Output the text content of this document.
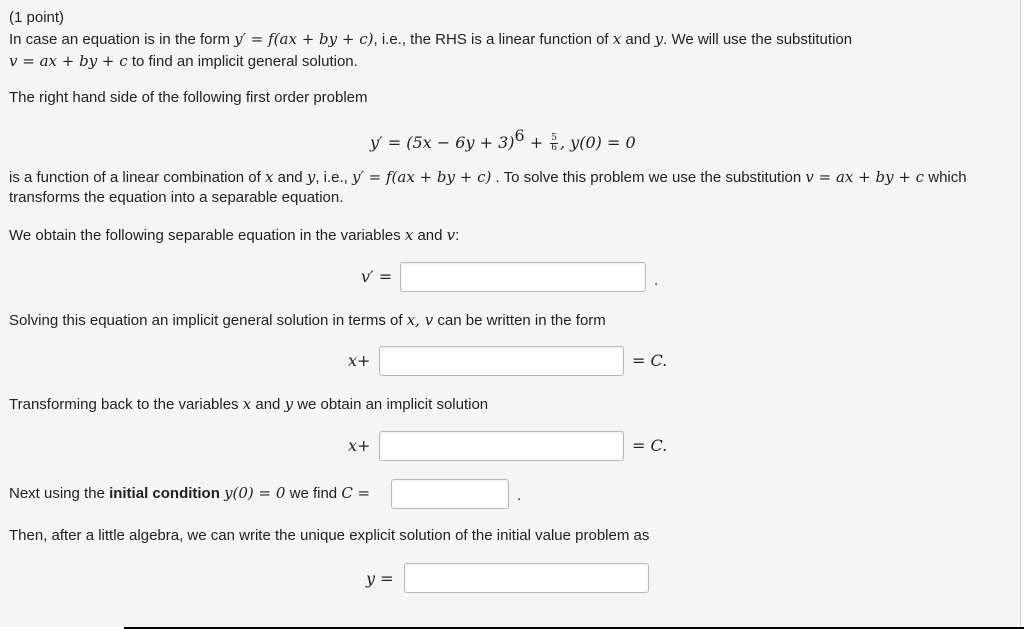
(1 point)
In case an equation is in the form y′ = f(ax + by + c), i.e., the RHS is a linear function of x and y. We will use the substitution
v = ax + by + c to find an implicit general solution.
The right hand side of the following first order problem
$y' = (5x - 6y + 3)6 + \frac{5}{6}$ , y(0) = 0
is a function of a linear combination of x and y, i.e., y′ = f(ax + by + c) . To solve this problem we use the substitution v = ax + by + c which
transforms the equation into a separable equation.
We obtain the following separable equation in the variables x and v:
v′ =	.
Solving this equation an implicit general solution in terms of x, v can be written in the form
x+	= C.
Transforming back to the variables x and y we obtain an implicit solution
x+	= C.
Next using the initial condition y(0) = 0 we find C =	.
Then, after a little algebra, we can write the unique explicit solution of the initial value problem as
y =
